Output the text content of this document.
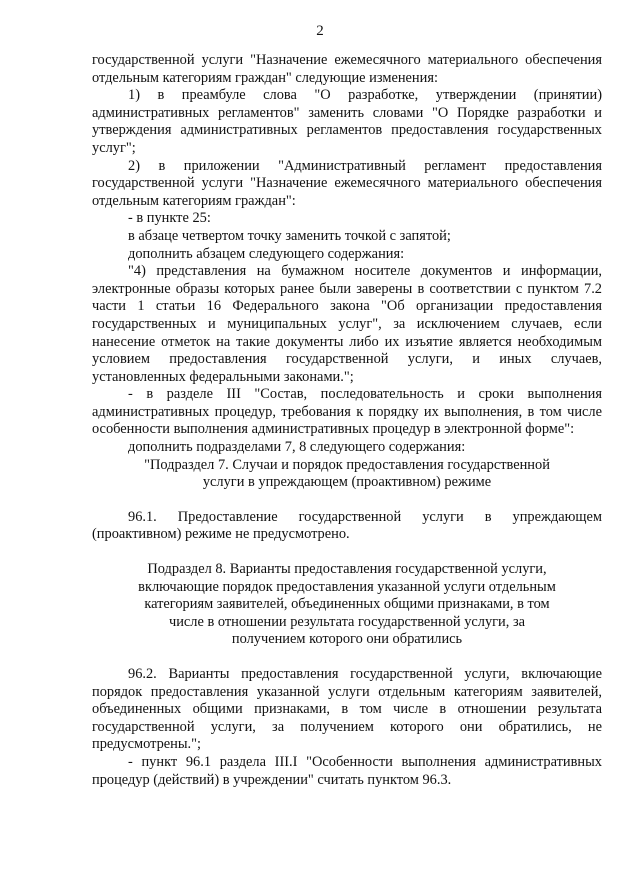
2

государственной услуги "Назначение ежемесячного материального обеспечения отдельным категориям граждан" следующие изменения:

1) в преамбуле слова "О разработке, утверждении (принятии) административных регламентов" заменить словами "О Порядке разработки и утверждения административных регламентов предоставления государственных услуг";

2) в приложении "Административный регламент предоставления государственной услуги "Назначение ежемесячного материального обеспечения отдельным категориям граждан":

- в пункте 25:

в абзаце четвертом точку заменить точкой с запятой;

дополнить абзацем следующего содержания:

"4) представления на бумажном носителе документов и информации, электронные образы которых ранее были заверены в соответствии с пунктом 7.2 части 1 статьи 16 Федерального закона "Об организации предоставления государственных и муниципальных услуг", за исключением случаев, если нанесение отметок на такие документы либо их изъятие является необходимым условием предоставления государственной услуги, и иных случаев, установленных федеральными законами.";

- в разделе III "Состав, последовательность и сроки выполнения административных процедур, требования к порядку их выполнения, в том числе особенности выполнения административных процедур в электронной форме":

дополнить подразделами 7, 8 следующего содержания:

"Подраздел 7. Случаи и порядок предоставления государственной услуги в упреждающем (проактивном) режиме

96.1. Предоставление государственной услуги в упреждающем (проактивном) режиме не предусмотрено.

Подраздел 8. Варианты предоставления государственной услуги, включающие порядок предоставления указанной услуги отдельным категориям заявителей, объединенных общими признаками, в том числе в отношении результата государственной услуги, за получением которого они обратились

96.2. Варианты предоставления государственной услуги, включающие порядок предоставления указанной услуги отдельным категориям заявителей, объединенных общими признаками, в том числе в отношении результата государственной услуги, за получением которого они обратились, не предусмотрены.";

- пункт 96.1 раздела III.I "Особенности выполнения административных процедур (действий) в учреждении" считать пунктом 96.3.
